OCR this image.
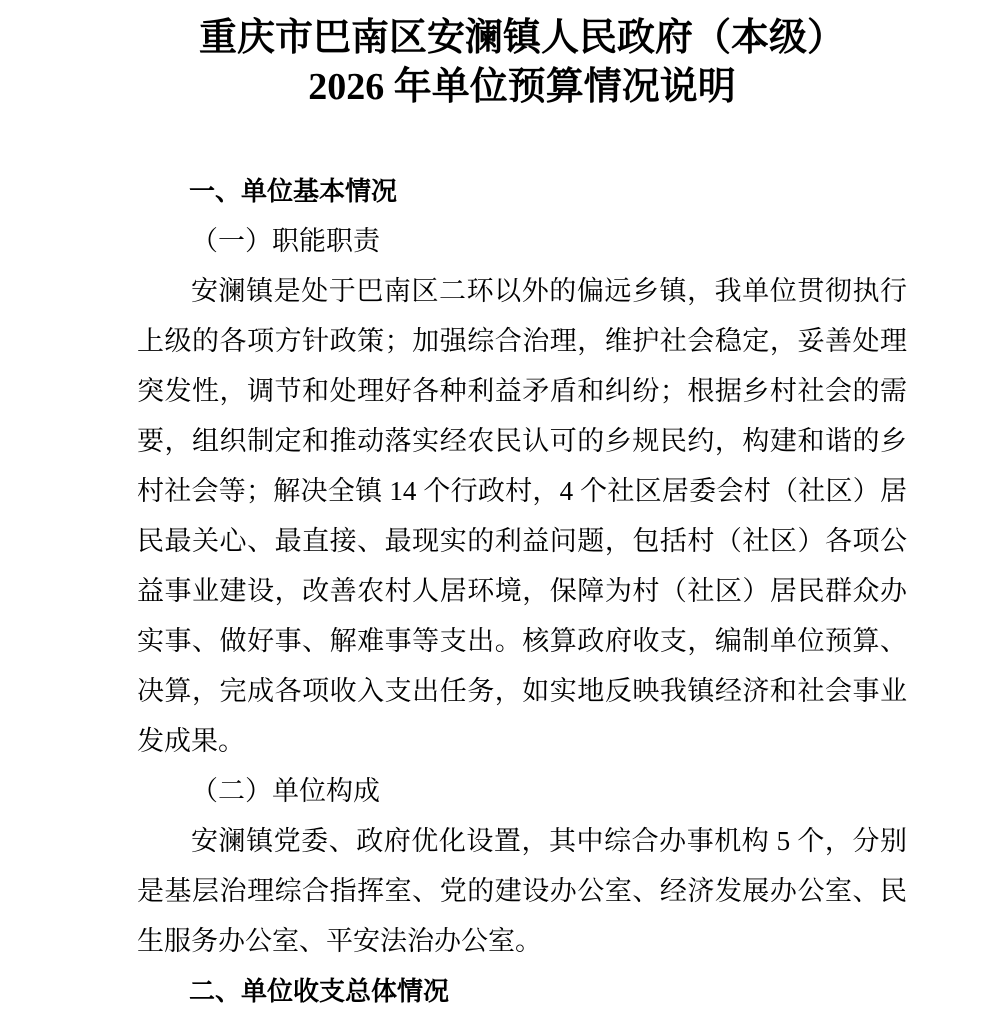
重庆市巴南区安澜镇人民政府（本级）
2026 年单位预算情况说明
一、单位基本情况
（一）职能职责

安澜镇是处于巴南区二环以外的偏远乡镇，我单位贯彻执行上级的各项方针政策；加强综合治理，维护社会稳定，妥善处理突发性，调节和处理好各种利益矛盾和纠纷；根据乡村社会的需要，组织制定和推动落实经农民认可的乡规民约，构建和谐的乡村社会等；解决全镇 14 个行政村，4 个社区居委会村（社区）居民最关心、最直接、最现实的利益问题，包括村（社区）各项公益事业建设，改善农村人居环境，保障为村（社区）居民群众办实事、做好事、解难事等支出。核算政府收支，编制单位预算、决算，完成各项收入支出任务，如实地反映我镇经济和社会事业发成果。

（二）单位构成

安澜镇党委、政府优化设置，其中综合办事机构 5 个，分别是基层治理综合指挥室、党的建设办公室、经济发展办公室、民生服务办公室、平安法治办公室。

二、单位收支总体情况
